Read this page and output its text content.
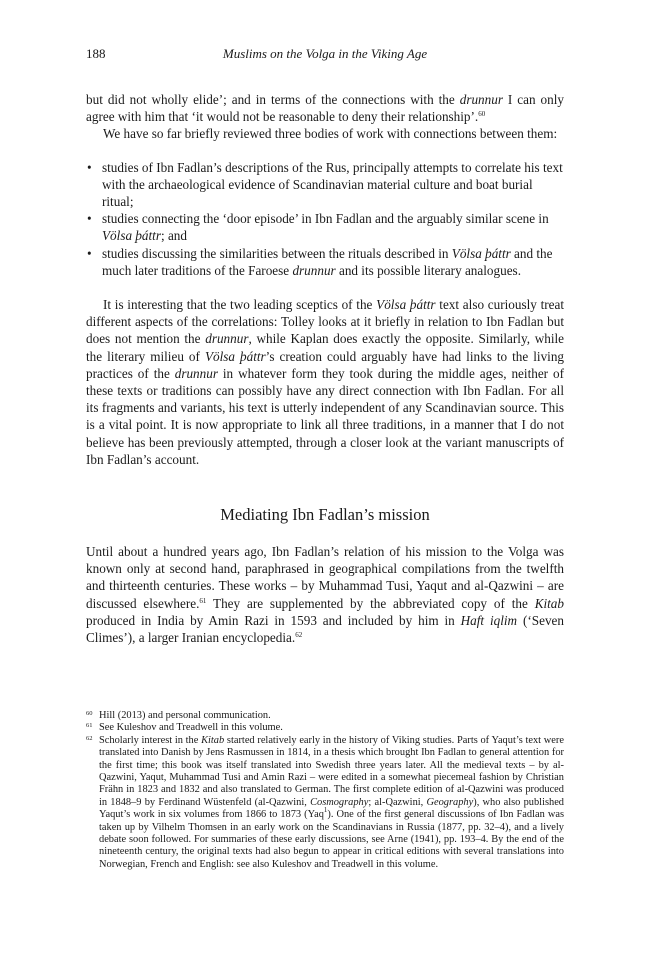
188	Muslims on the Volga in the Viking Age

but did not wholly elide’; and in terms of the connections with the drunnur I can only agree with him that ‘it would not be reasonable to deny their relationship’.$^{60}$

We have so far briefly reviewed three bodies of work with connections between them:

• studies of Ibn Fadlan’s descriptions of the Rus, principally attempts to correlate his text with the archaeological evidence of Scandinavian material culture and boat burial ritual;
• studies connecting the ‘door episode’ in Ibn Fadlan and the arguably similar scene in Völsa þáttr; and
• studies discussing the similarities between the rituals described in Völsa þáttr and the much later traditions of the Faroese drunnur and its possible literary analogues.

It is interesting that the two leading sceptics of the Völsa þáttr text also curiously treat different aspects of the correlations: Tolley looks at it briefly in relation to Ibn Fadlan but does not mention the drunnur, while Kaplan does exactly the opposite. Similarly, while the literary milieu of Völsa þáttr’s creation could arguably have had links to the living practices of the drunnur in whatever form they took during the middle ages, neither of these texts or traditions can possibly have any direct connection with Ibn Fadlan. For all its fragments and variants, his text is utterly independent of any Scandinavian source. This is a vital point. It is now appropriate to link all three traditions, in a manner that I do not believe has been previously attempted, through a closer look at the variant manuscripts of Ibn Fadlan’s account.

Mediating Ibn Fadlan’s mission

Until about a hundred years ago, Ibn Fadlan’s relation of his mission to the Volga was known only at second hand, paraphrased in geographical compilations from the twelfth and thirteenth centuries. These works – by Muhammad Tusi, Yaqut and al-Qazwini – are discussed elsewhere.$^{61}$ They are supplemented by the abbreviated copy of the Kitab produced in India by Amin Razi in 1593 and included by him in Haft iqlim (‘Seven Climes’), a larger Iranian encyclopedia.$^{62}$

60 Hill (2013) and personal communication.
61 See Kuleshov and Treadwell in this volume.
62 Scholarly interest in the Kitab started relatively early in the history of Viking studies. Parts of Yaqut’s text were translated into Danish by Jens Rasmussen in 1814, in a thesis which brought Ibn Fadlan to general attention for the first time; this book was itself translated into Swedish three years later. All the medieval texts – by al-Qazwini, Yaqut, Muhammad Tusi and Amin Razi – were edited in a somewhat piecemeal fashion by Christian Frähn in 1823 and 1832 and also translated to German. The first complete edition of al-Qazwini was produced in 1848–9 by Ferdinand Wüstenfeld (al-Qazwini, Cosmography; al-Qazwini, Geography), who also published Yaqut’s work in six volumes from 1866 to 1873 (Yaq$^1$). One of the first general discussions of Ibn Fadlan was taken up by Vilhelm Thomsen in an early work on the Scandinavians in Russia (1877, pp. 32–4), and a lively debate soon followed. For summaries of these early discussions, see Arne (1941), pp. 193–4. By the end of the nineteenth century, the original texts had also begun to appear in critical editions with several translations into Norwegian, French and English: see also Kuleshov and Treadwell in this volume.
